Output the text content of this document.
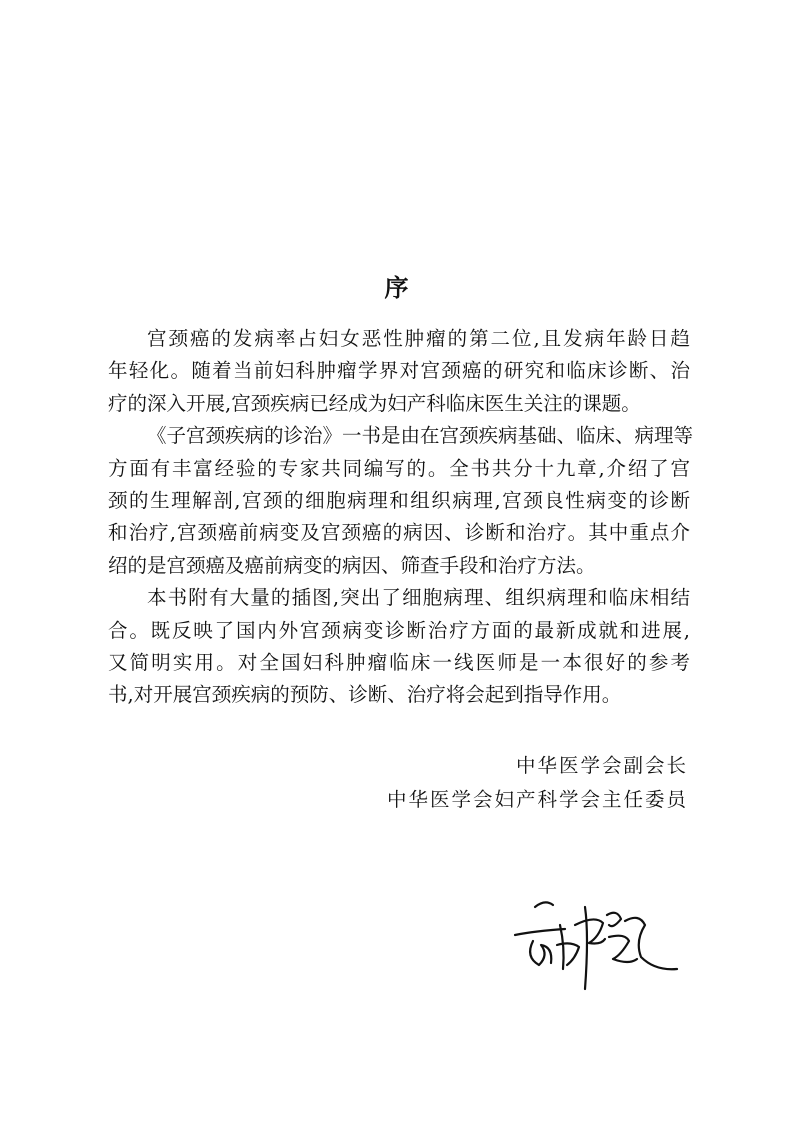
序
宫颈癌的发病率占妇女恶性肿瘤的第二位,且发病年龄日趋
年轻化。随着当前妇科肿瘤学界对宫颈癌的研究和临床诊断、治
疗的深入开展,宫颈疾病已经成为妇产科临床医生关注的课题。
《子宫颈疾病的诊治》一书是由在宫颈疾病基础、临床、病理等
方面有丰富经验的专家共同编写的。全书共分十九章,介绍了宫
颈的生理解剖,宫颈的细胞病理和组织病理,宫颈良性病变的诊断
和治疗,宫颈癌前病变及宫颈癌的病因、诊断和治疗。其中重点介
绍的是宫颈癌及癌前病变的病因、筛查手段和治疗方法。
本书附有大量的插图,突出了细胞病理、组织病理和临床相结
合。既反映了国内外宫颈病变诊断治疗方面的最新成就和进展,
又简明实用。对全国妇科肿瘤临床一线医师是一本很好的参考
书,对开展宫颈疾病的预防、诊断、治疗将会起到指导作用。
中华医学会副会长
中华医学会妇产科学会主任委员
